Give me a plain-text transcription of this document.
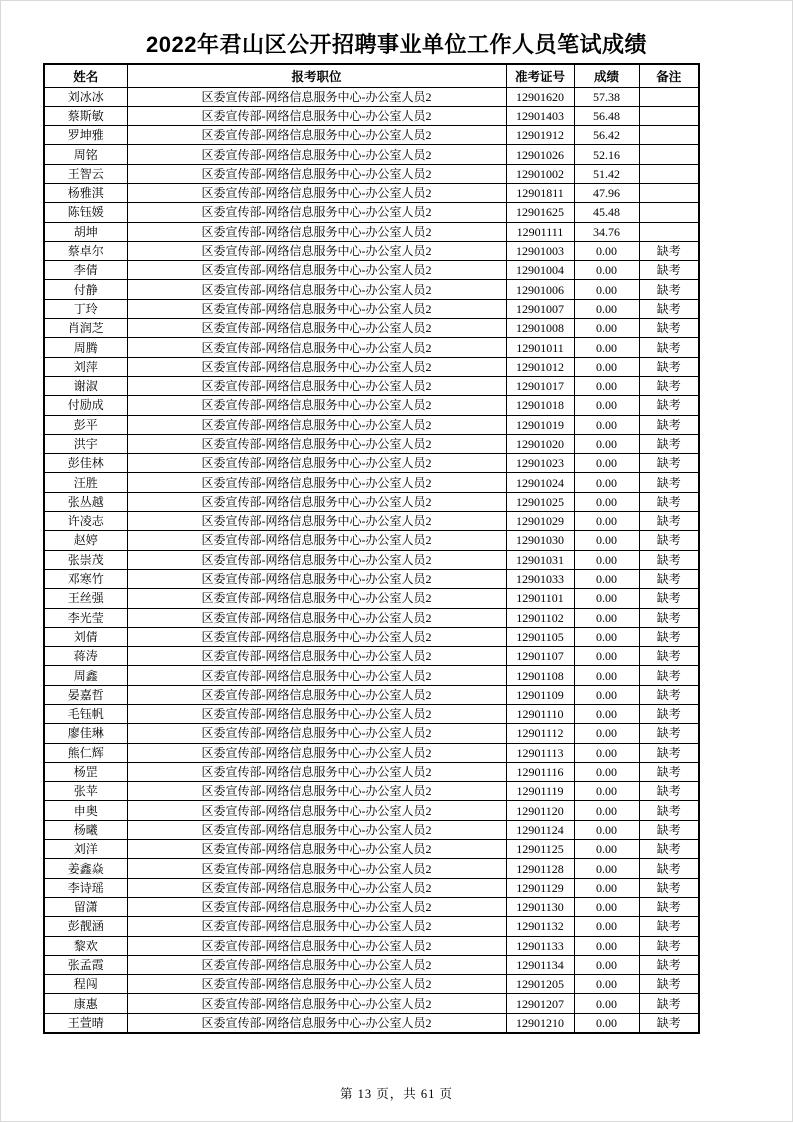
2022年君山区公开招聘事业单位工作人员笔试成绩
姓名	报考职位	准考证号	成绩	备注
刘冰冰	区委宣传部-网络信息服务中心-办公室人员2	12901620	57.38	
蔡斯敏	区委宣传部-网络信息服务中心-办公室人员2	12901403	56.48	
罗坤雅	区委宣传部-网络信息服务中心-办公室人员2	12901912	56.42	
周铭	区委宣传部-网络信息服务中心-办公室人员2	12901026	52.16	
王智云	区委宣传部-网络信息服务中心-办公室人员2	12901002	51.42	
杨雅淇	区委宣传部-网络信息服务中心-办公室人员2	12901811	47.96	
陈钰媛	区委宣传部-网络信息服务中心-办公室人员2	12901625	45.48	
胡坤	区委宣传部-网络信息服务中心-办公室人员2	12901111	34.76	
蔡卓尔	区委宣传部-网络信息服务中心-办公室人员2	12901003	0.00	缺考
李倩	区委宣传部-网络信息服务中心-办公室人员2	12901004	0.00	缺考
付静	区委宣传部-网络信息服务中心-办公室人员2	12901006	0.00	缺考
丁玲	区委宣传部-网络信息服务中心-办公室人员2	12901007	0.00	缺考
肖润芝	区委宣传部-网络信息服务中心-办公室人员2	12901008	0.00	缺考
周腾	区委宣传部-网络信息服务中心-办公室人员2	12901011	0.00	缺考
刘萍	区委宣传部-网络信息服务中心-办公室人员2	12901012	0.00	缺考
谢淑	区委宣传部-网络信息服务中心-办公室人员2	12901017	0.00	缺考
付励成	区委宣传部-网络信息服务中心-办公室人员2	12901018	0.00	缺考
彭平	区委宣传部-网络信息服务中心-办公室人员2	12901019	0.00	缺考
洪宇	区委宣传部-网络信息服务中心-办公室人员2	12901020	0.00	缺考
彭佳林	区委宣传部-网络信息服务中心-办公室人员2	12901023	0.00	缺考
汪胜	区委宣传部-网络信息服务中心-办公室人员2	12901024	0.00	缺考
张丛越	区委宣传部-网络信息服务中心-办公室人员2	12901025	0.00	缺考
许凌志	区委宣传部-网络信息服务中心-办公室人员2	12901029	0.00	缺考
赵婷	区委宣传部-网络信息服务中心-办公室人员2	12901030	0.00	缺考
张崇茂	区委宣传部-网络信息服务中心-办公室人员2	12901031	0.00	缺考
邓寒竹	区委宣传部-网络信息服务中心-办公室人员2	12901033	0.00	缺考
王丝强	区委宣传部-网络信息服务中心-办公室人员2	12901101	0.00	缺考
李光莹	区委宣传部-网络信息服务中心-办公室人员2	12901102	0.00	缺考
刘倩	区委宣传部-网络信息服务中心-办公室人员2	12901105	0.00	缺考
蒋涛	区委宣传部-网络信息服务中心-办公室人员2	12901107	0.00	缺考
周鑫	区委宣传部-网络信息服务中心-办公室人员2	12901108	0.00	缺考
晏嘉哲	区委宣传部-网络信息服务中心-办公室人员2	12901109	0.00	缺考
毛钰帆	区委宣传部-网络信息服务中心-办公室人员2	12901110	0.00	缺考
廖佳琳	区委宣传部-网络信息服务中心-办公室人员2	12901112	0.00	缺考
熊仁辉	区委宣传部-网络信息服务中心-办公室人员2	12901113	0.00	缺考
杨罡	区委宣传部-网络信息服务中心-办公室人员2	12901116	0.00	缺考
张苹	区委宣传部-网络信息服务中心-办公室人员2	12901119	0.00	缺考
申奥	区委宣传部-网络信息服务中心-办公室人员2	12901120	0.00	缺考
杨曦	区委宣传部-网络信息服务中心-办公室人员2	12901124	0.00	缺考
刘洋	区委宣传部-网络信息服务中心-办公室人员2	12901125	0.00	缺考
姜鑫焱	区委宣传部-网络信息服务中心-办公室人员2	12901128	0.00	缺考
李诗瑶	区委宣传部-网络信息服务中心-办公室人员2	12901129	0.00	缺考
留潇	区委宣传部-网络信息服务中心-办公室人员2	12901130	0.00	缺考
彭靓涵	区委宣传部-网络信息服务中心-办公室人员2	12901132	0.00	缺考
黎欢	区委宣传部-网络信息服务中心-办公室人员2	12901133	0.00	缺考
张孟霞	区委宣传部-网络信息服务中心-办公室人员2	12901134	0.00	缺考
程闯	区委宣传部-网络信息服务中心-办公室人员2	12901205	0.00	缺考
康惠	区委宣传部-网络信息服务中心-办公室人员2	12901207	0.00	缺考
王萱晴	区委宣传部-网络信息服务中心-办公室人员2	12901210	0.00	缺考
第 13 页，共 61 页
